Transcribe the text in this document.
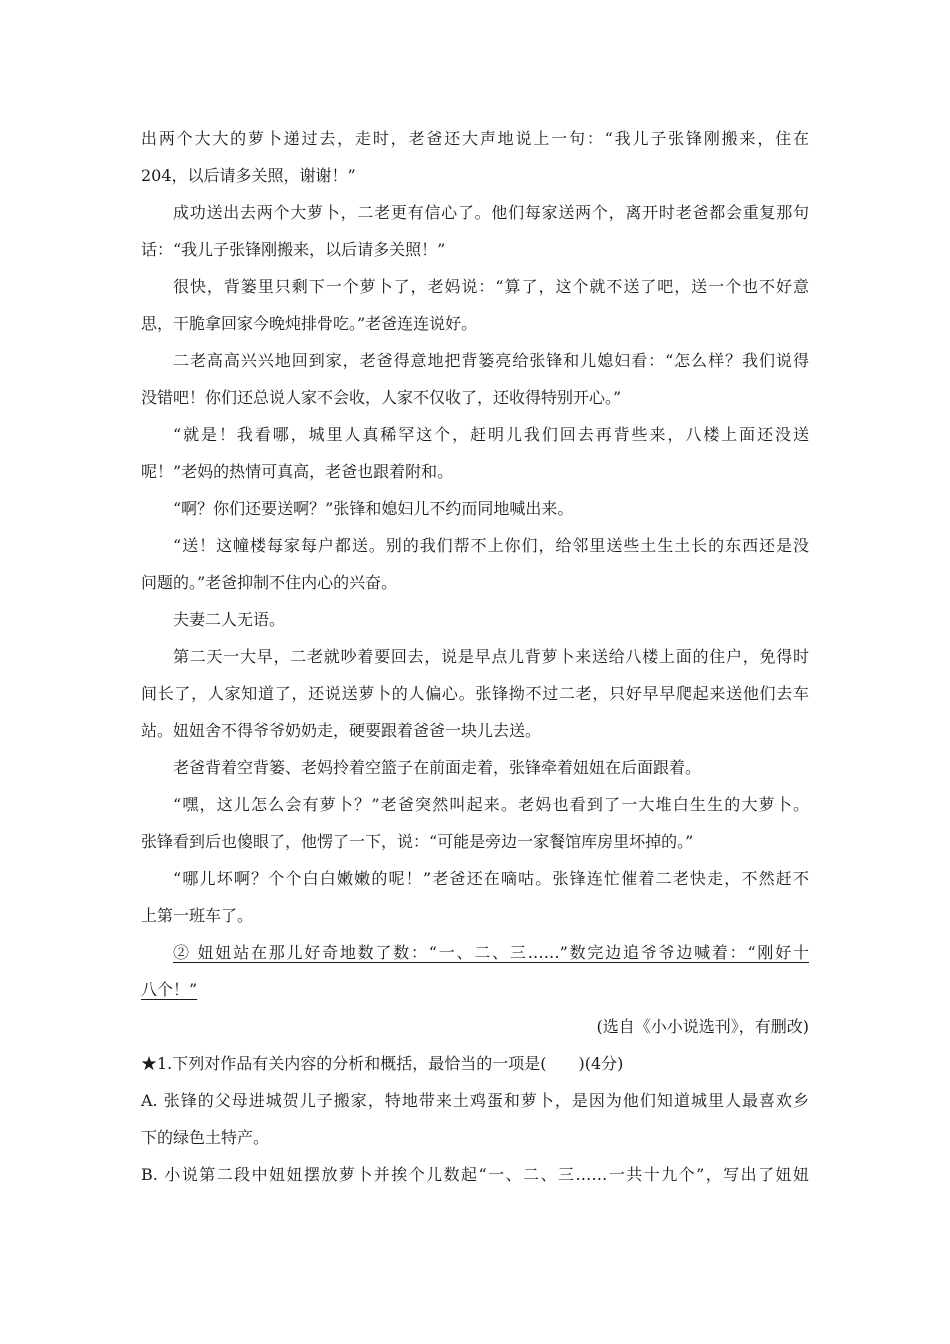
出两个大大的萝卜递过去，走时，老爸还大声地说上一句：“我儿子张锋刚搬来，住在
204，以后请多关照，谢谢！”
成功送出去两个大萝卜，二老更有信心了。他们每家送两个，离开时老爸都会重复那句
话：“我儿子张锋刚搬来，以后请多关照！”
很快，背篓里只剩下一个萝卜了，老妈说：“算了，这个就不送了吧，送一个也不好意
思，干脆拿回家今晚炖排骨吃。”老爸连连说好。
二老高高兴兴地回到家，老爸得意地把背篓亮给张锋和儿媳妇看：“怎么样？我们说得
没错吧！你们还总说人家不会收，人家不仅收了，还收得特别开心。”
“就是！我看哪，城里人真稀罕这个，赶明儿我们回去再背些来，八楼上面还没送
呢！”老妈的热情可真高，老爸也跟着附和。
“啊？你们还要送啊？”张锋和媳妇儿不约而同地喊出来。
“送！这幢楼每家每户都送。别的我们帮不上你们，给邻里送些土生土长的东西还是没
问题的。”老爸抑制不住内心的兴奋。
夫妻二人无语。
第二天一大早，二老就吵着要回去，说是早点儿背萝卜来送给八楼上面的住户，免得时
间长了，人家知道了，还说送萝卜的人偏心。张锋拗不过二老，只好早早爬起来送他们去车
站。妞妞舍不得爷爷奶奶走，硬要跟着爸爸一块儿去送。
老爸背着空背篓、老妈拎着空篮子在前面走着，张锋牵着妞妞在后面跟着。
“嘿，这儿怎么会有萝卜？”老爸突然叫起来。老妈也看到了一大堆白生生的大萝卜。
张锋看到后也傻眼了，他愣了一下，说：“可能是旁边一家餐馆库房里坏掉的。”
“哪儿坏啊？个个白白嫩嫩的呢！”老爸还在嘀咕。张锋连忙催着二老快走，不然赶不
上第一班车了。
② 妞妞站在那儿好奇地数了数：“一、二、三……”数完边追爷爷边喊着：“刚好十
八个！”
(选自《小小说选刊》，有删改)
★1.下列对作品有关内容的分析和概括，最恰当的一项是(　　)(4分)
A. 张锋的父母进城贺儿子搬家，特地带来土鸡蛋和萝卜，是因为他们知道城里人最喜欢乡
下的绿色土特产。
B. 小说第二段中妞妞摆放萝卜并挨个儿数起“一、二、三……一共十九个”，写出了妞妞
